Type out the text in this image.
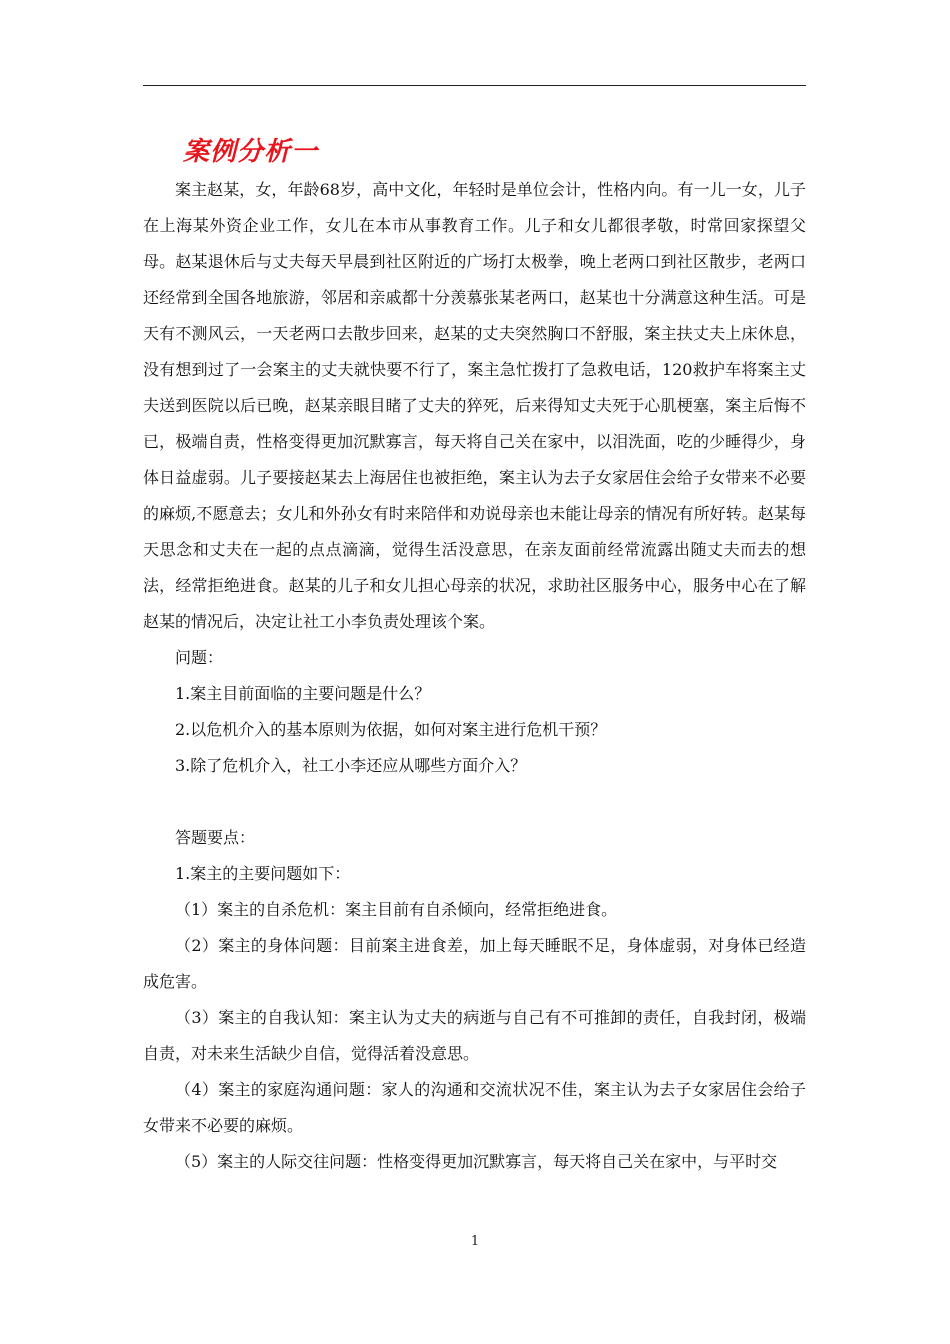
案例分析一

案主赵某，女，年龄68岁，高中文化，年轻时是单位会计，性格内向。有一儿一女，儿子在上海某外资企业工作，女儿在本市从事教育工作。儿子和女儿都很孝敬，时常回家探望父母。赵某退休后与丈夫每天早晨到社区附近的广场打太极拳，晚上老两口到社区散步，老两口还经常到全国各地旅游，邻居和亲戚都十分羡慕张某老两口，赵某也十分满意这种生活。可是天有不测风云，一天老两口去散步回来，赵某的丈夫突然胸口不舒服，案主扶丈夫上床休息，没有想到过了一会案主的丈夫就快要不行了，案主急忙拨打了急救电话，120救护车将案主丈夫送到医院以后已晚，赵某亲眼目睹了丈夫的猝死，后来得知丈夫死于心肌梗塞，案主后悔不已，极端自责，性格变得更加沉默寡言，每天将自己关在家中，以泪洗面，吃的少睡得少，身体日益虚弱。儿子要接赵某去上海居住也被拒绝，案主认为去子女家居住会给子女带来不必要的麻烦,不愿意去；女儿和外孙女有时来陪伴和劝说母亲也未能让母亲的情况有所好转。赵某每天思念和丈夫在一起的点点滴滴，觉得生活没意思，在亲友面前经常流露出随丈夫而去的想法，经常拒绝进食。赵某的儿子和女儿担心母亲的状况，求助社区服务中心，服务中心在了解赵某的情况后，决定让社工小李负责处理该个案。

问题：

1.案主目前面临的主要问题是什么？

2.以危机介入的基本原则为依据，如何对案主进行危机干预？

3.除了危机介入，社工小李还应从哪些方面介入？

答题要点：

1.案主的主要问题如下：

（1）案主的自杀危机：案主目前有自杀倾向，经常拒绝进食。

（2）案主的身体问题：目前案主进食差，加上每天睡眠不足，身体虚弱，对身体已经造成危害。

（3）案主的自我认知：案主认为丈夫的病逝与自己有不可推卸的责任，自我封闭，极端自责，对未来生活缺少自信，觉得活着没意思。

（4）案主的家庭沟通问题：家人的沟通和交流状况不佳，案主认为去子女家居住会给子女带来不必要的麻烦。

（5）案主的人际交往问题：性格变得更加沉默寡言，每天将自己关在家中，与平时交

1
